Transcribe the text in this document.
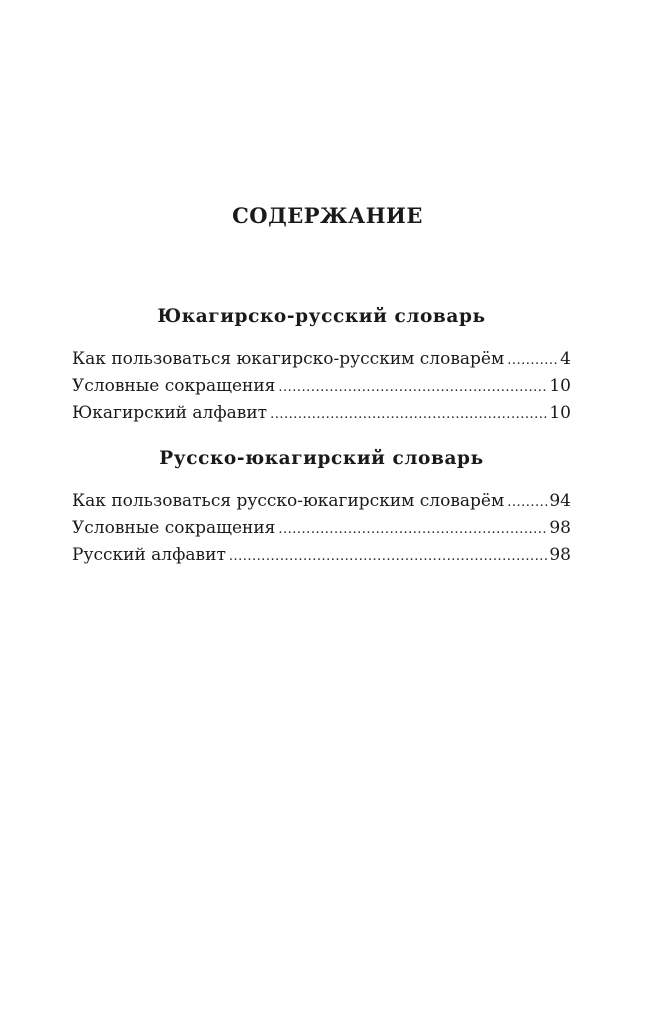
СОДЕРЖАНИЕ
Юкагирско-русский словарь
Как пользоваться юкагирско-русским словарём .....	4
Условные сокращения .....	10
Юкагирский алфавит .....	10
Русско-юкагирский словарь
Как пользоваться русско-юкагирским словарём .....	94
Условные сокращения .....	98
Русский алфавит .....	98
